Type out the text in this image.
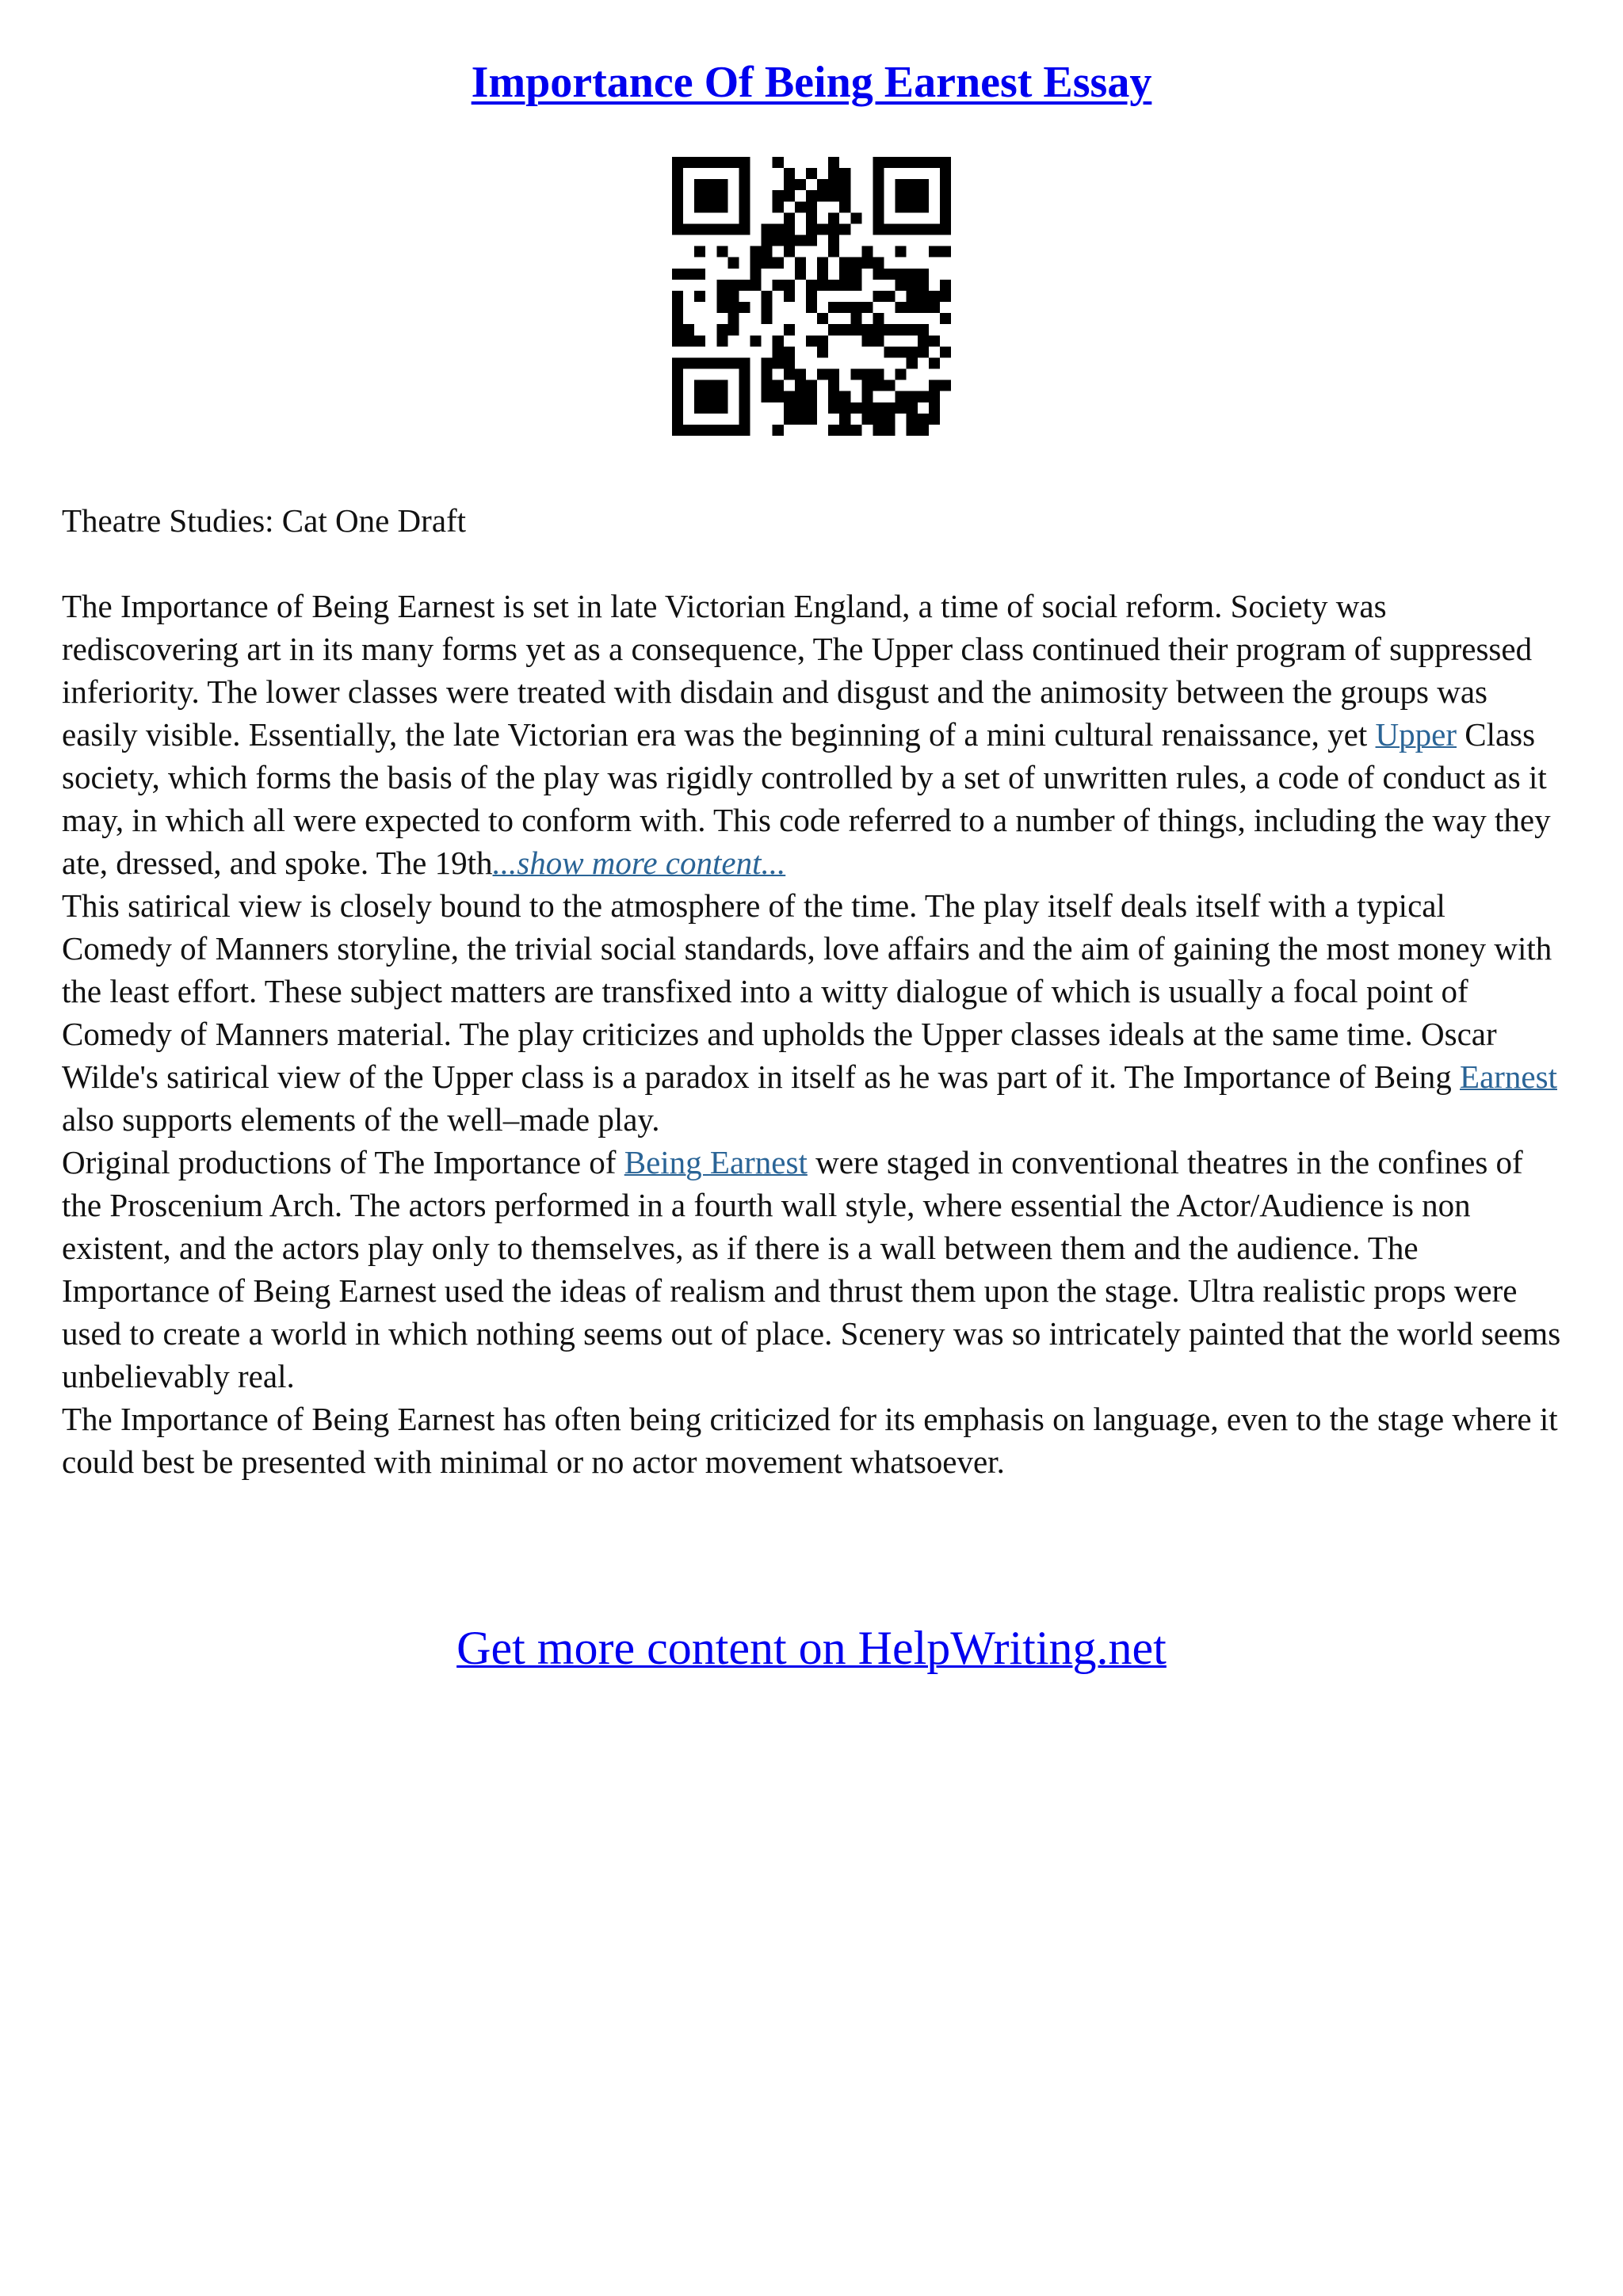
Importance Of Being Earnest Essay

Theatre Studies: Cat One Draft

The Importance of Being Earnest is set in late Victorian England, a time of social reform. Society was rediscovering art in its many forms yet as a consequence, The Upper class continued their program of suppressed inferiority. The lower classes were treated with disdain and disgust and the animosity between the groups was easily visible. Essentially, the late Victorian era was the beginning of a mini cultural renaissance, yet Upper Class society, which forms the basis of the play was rigidly controlled by a set of unwritten rules, a code of conduct as it may, in which all were expected to conform with. This code referred to a number of things, including the way they ate, dressed, and spoke. The 19th...show more content...

This satirical view is closely bound to the atmosphere of the time. The play itself deals itself with a typical Comedy of Manners storyline, the trivial social standards, love affairs and the aim of gaining the most money with the least effort. These subject matters are transfixed into a witty dialogue of which is usually a focal point of Comedy of Manners material. The play criticizes and upholds the Upper classes ideals at the same time. Oscar Wilde's satirical view of the Upper class is a paradox in itself as he was part of it. The Importance of Being Earnest also supports elements of the well–made play.

Original productions of The Importance of Being Earnest were staged in conventional theatres in the confines of the Proscenium Arch. The actors performed in a fourth wall style, where essential the Actor/Audience is non existent, and the actors play only to themselves, as if there is a wall between them and the audience. The Importance of Being Earnest used the ideas of realism and thrust them upon the stage. Ultra realistic props were used to create a world in which nothing seems out of place. Scenery was so intricately painted that the world seems unbelievably real.

The Importance of Being Earnest has often being criticized for its emphasis on language, even to the stage where it could best be presented with minimal or no actor movement whatsoever.

Get more content on HelpWriting.net
